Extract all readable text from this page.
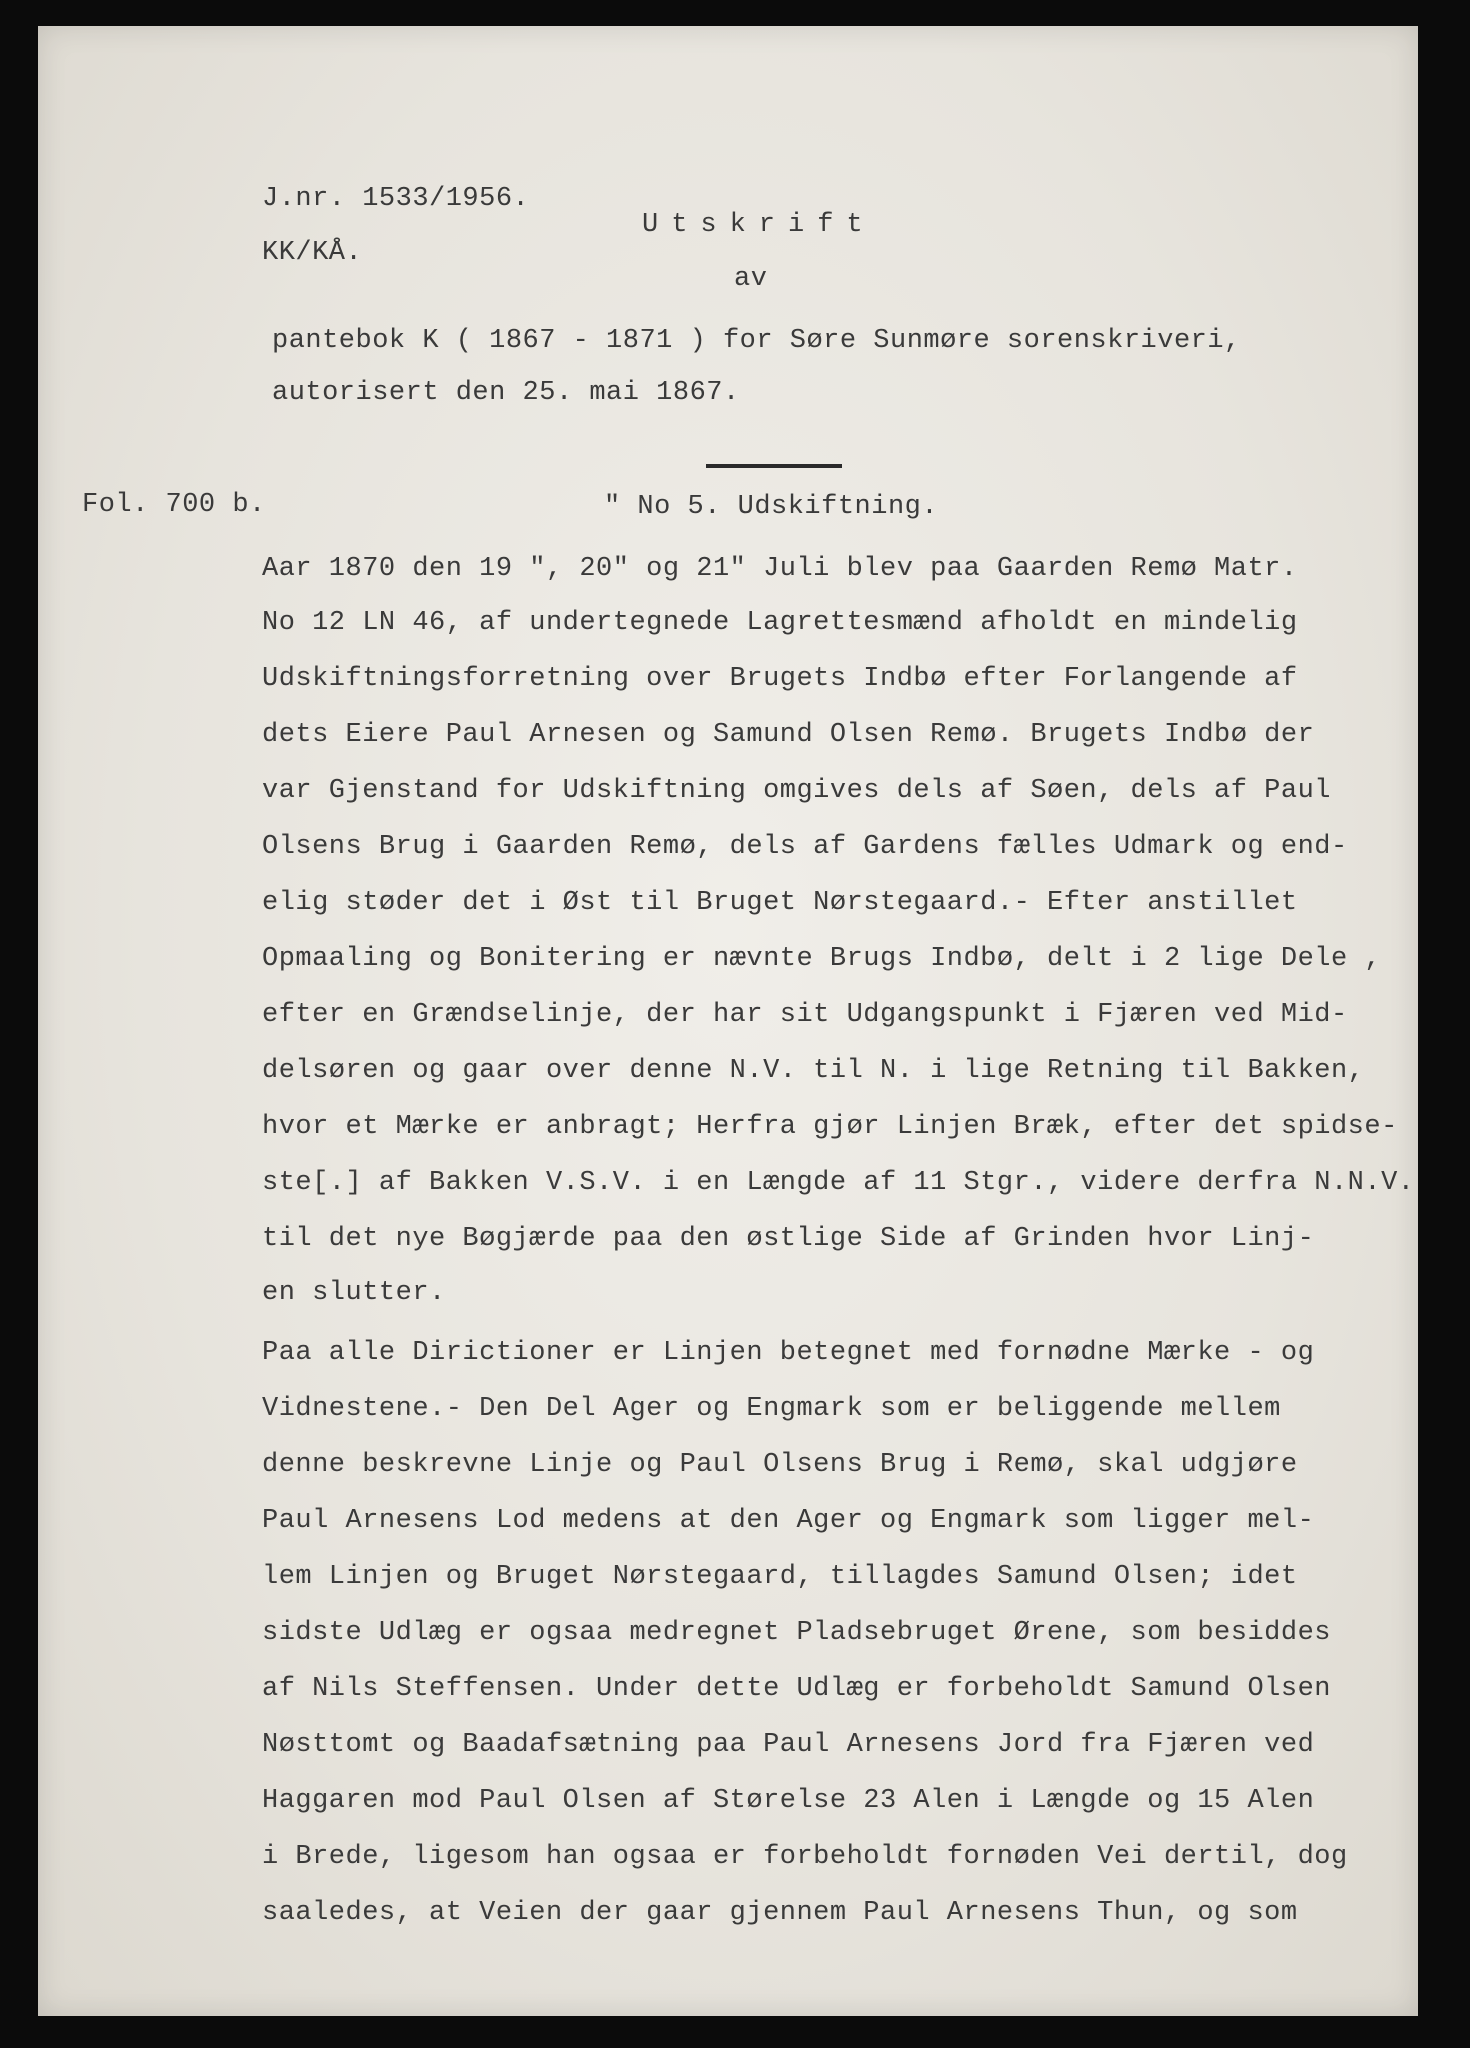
J.nr. 1533/1956.
KK/KÅ.
Utskrift
av
pantebok K ( 1867 - 1871 ) for Søre Sunmøre sorenskriveri,
autorisert den 25. mai 1867.
Fol. 700 b.	" No 5. Udskiftning.
Aar 1870 den 19 ", 20" og 21" Juli blev paa Gaarden Remø Matr.
No 12 LN 46, af undertegnede Lagrettesmænd afholdt en mindelig
Udskiftningsforretning over Brugets Indbø efter Forlangende af
dets Eiere Paul Arnesen og Samund Olsen Remø. Brugets Indbø der
var Gjenstand for Udskiftning omgives dels af Søen, dels af Paul
Olsens Brug i Gaarden Remø, dels af Gardens fælles Udmark og end-
elig støder det i Øst til Bruget Nørstegaard.- Efter anstillet
Opmaaling og Bonitering er nævnte Brugs Indbø, delt i 2 lige Dele ,
efter en Grændselinje, der har sit Udgangspunkt i Fjæren ved Mid-
delsøren og gaar over denne N.V. til N. i lige Retning til Bakken,
hvor et Mærke er anbragt; Herfra gjør Linjen Bræk, efter det spidse-
ste[.] af Bakken V.S.V. i en Længde af 11 Stgr., videre derfra N.N.V.
til det nye Bøgjærde paa den østlige Side af Grinden hvor Linj-
en slutter.
Paa alle Dirictioner er Linjen betegnet med fornødne Mærke - og
Vidnestene.- Den Del Ager og Engmark som er beliggende mellem
denne beskrevne Linje og Paul Olsens Brug i Remø, skal udgjøre
Paul Arnesens Lod medens at den Ager og Engmark som ligger mel-
lem Linjen og Bruget Nørstegaard, tillagdes Samund Olsen; idet
sidste Udlæg er ogsaa medregnet Pladsebruget Ørene, som besiddes
af Nils Steffensen. Under dette Udlæg er forbeholdt Samund Olsen
Nøsttomt og Baadafsætning paa Paul Arnesens Jord fra Fjæren ved
Haggaren mod Paul Olsen af Størelse 23 Alen i Længde og 15 Alen
i Brede, ligesom han ogsaa er forbeholdt fornøden Vei dertil, dog
saaledes, at Veien der gaar gjennem Paul Arnesens Thun, og som
